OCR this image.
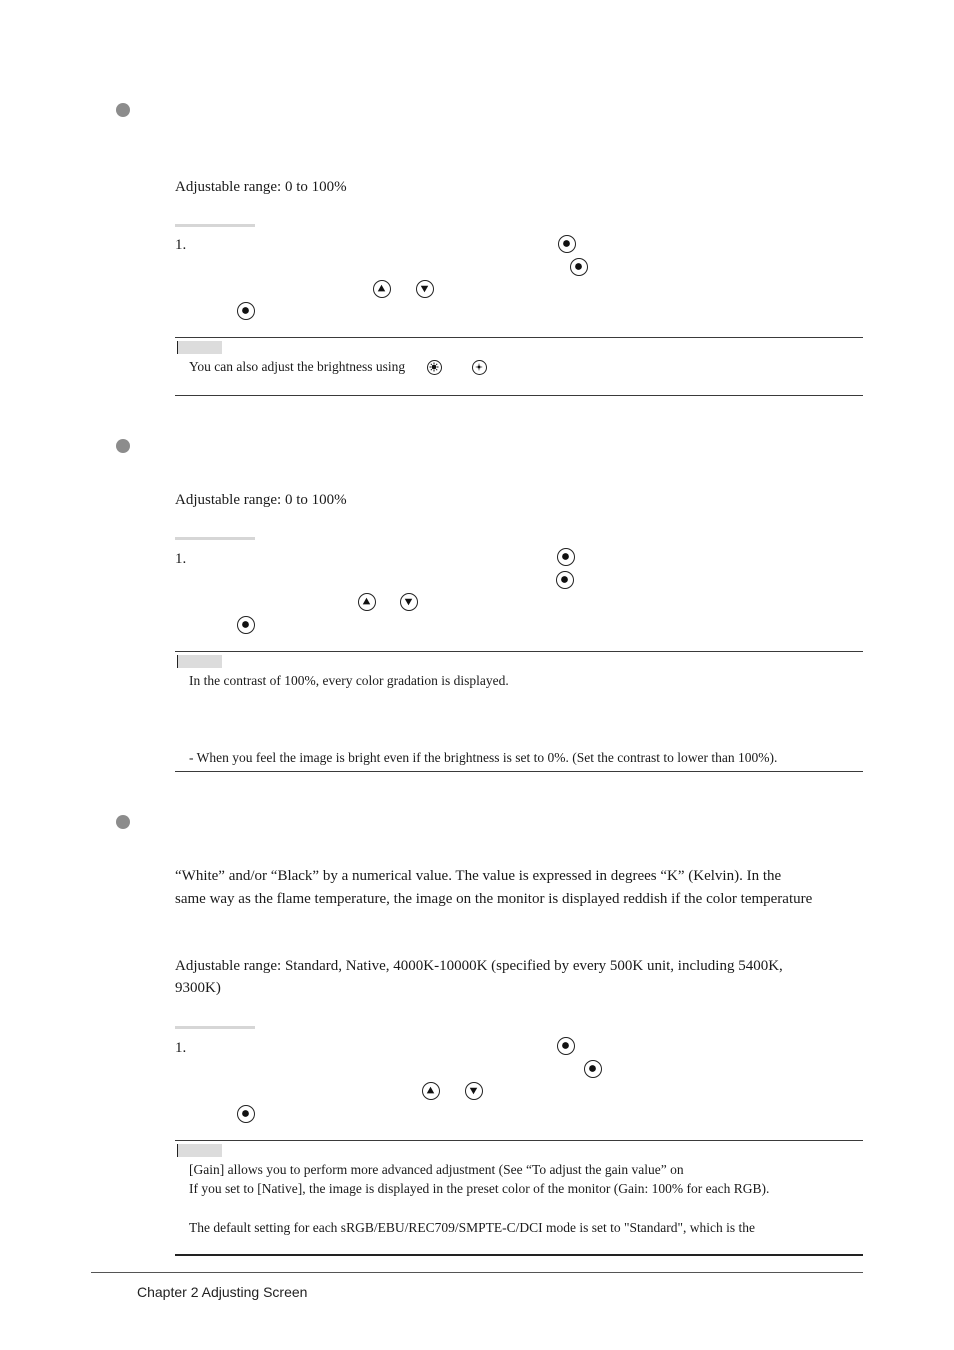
Adjustable range: 0 to 100%
1.
You can also adjust the brightness using
Adjustable range: 0 to 100%
1.
In the contrast of 100%, every color gradation is displayed.
- When you feel the image is bright even if the brightness is set to 0%. (Set the contrast to lower than 100%).
“White” and/or “Black” by a numerical value. The value is expressed in degrees “K” (Kelvin). In the
same way as the flame temperature, the image on the monitor is displayed reddish if the color temperature
Adjustable range: Standard, Native, 4000K-10000K (specified by every 500K unit, including 5400K,
9300K)
1.
[Gain] allows you to perform more advanced adjustment (See “To adjust the gain value” on
If you set to [Native], the image is displayed in the preset color of the monitor (Gain: 100% for each RGB).
The default setting for each sRGB/EBU/REC709/SMPTE-C/DCI mode is set to "Standard", which is the
Chapter 2 Adjusting Screen
